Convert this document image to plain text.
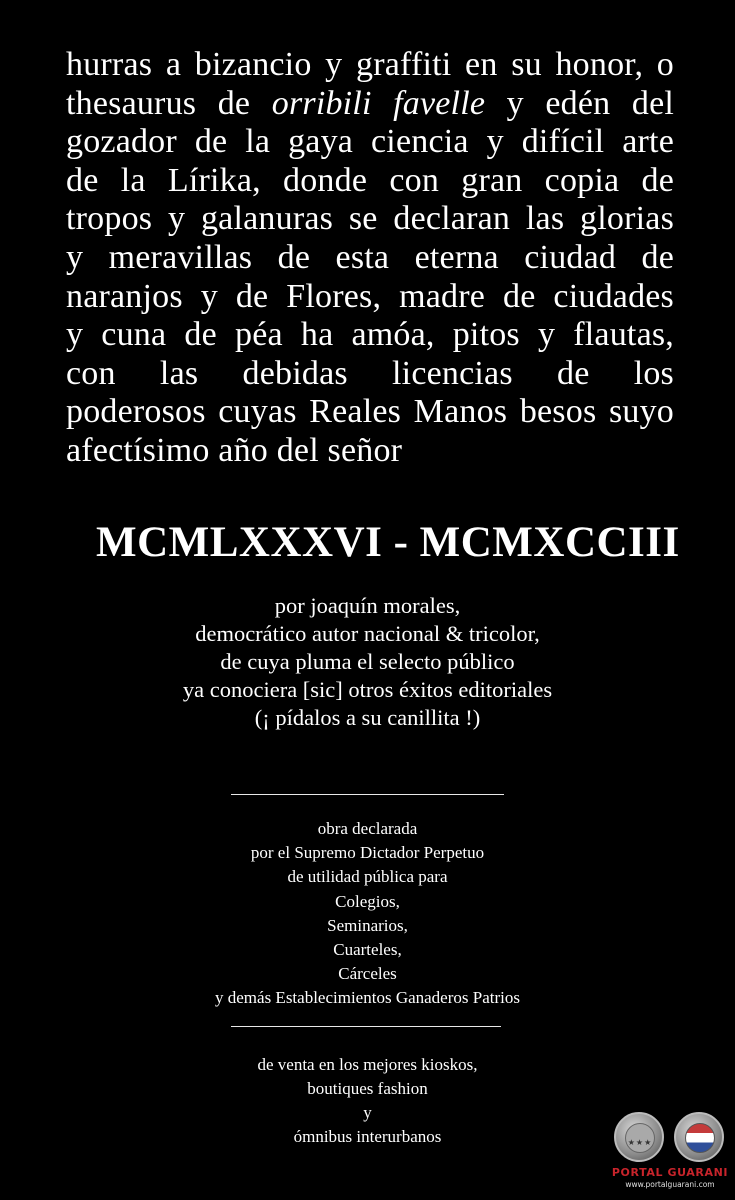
hurras a bizancio y graffiti en su honor, o
thesaurus de orribili favelle y edén del
gozador de la gaya ciencia y difícil arte
de la Lírika, donde con gran copia de
tropos y galanuras se declaran las glorias
y meravillas de esta eterna ciudad de
naranjos y de Flores, madre de ciudades
y cuna de péa ha amóa, pitos y flautas,
con las debidas licencias de los
poderosos cuyas Reales Manos besos suyo
afectísimo año del señor
MCMLXXXVI - MCMXCCIII
por joaquín morales,
democrático autor nacional & tricolor,
de cuya pluma el selecto público
ya conociera [sic] otros éxitos editoriales
(¡ pídalos a su canillita !)
obra declarada
por el Supremo Dictador Perpetuo
de utilidad pública para
Colegios,
Seminarios,
Cuarteles,
Cárceles
y demás Establecimientos Ganaderos Patrios
de venta en los mejores kioskos,
boutiques fashion
y
ómnibus interurbanos	★★★
PORTAL GUARANI
www.portalguarani.com
